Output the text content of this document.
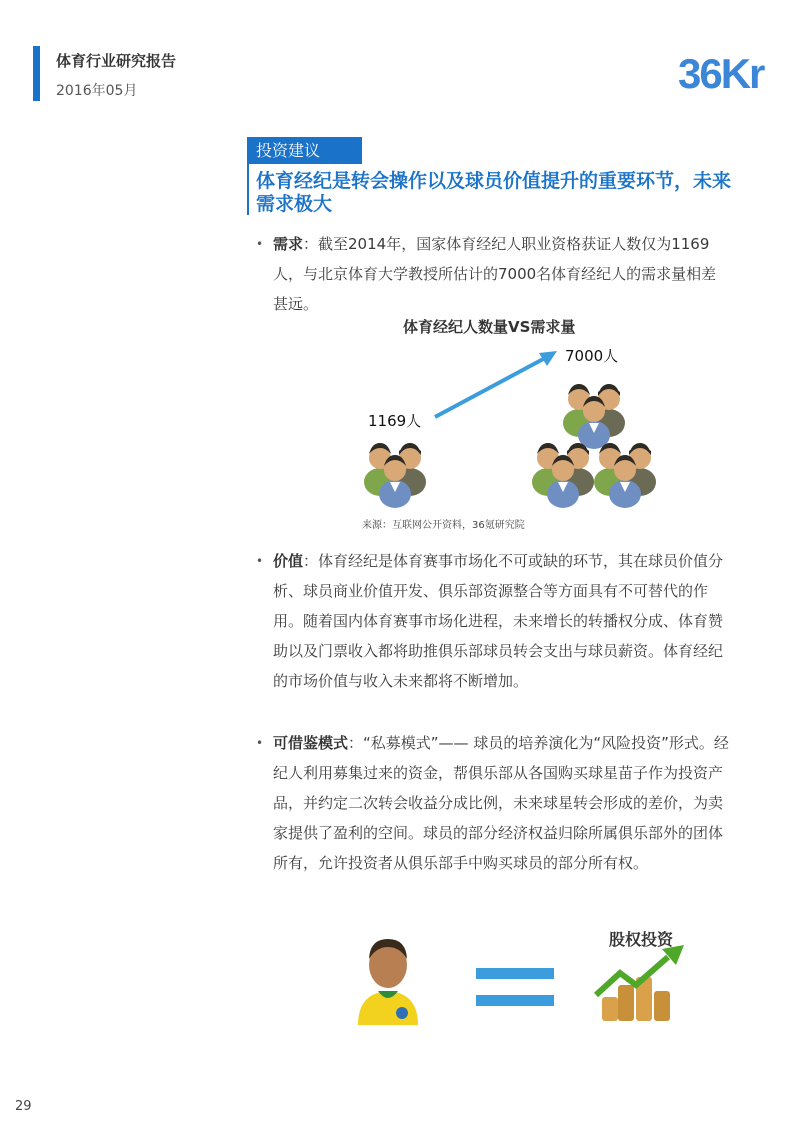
体育行业研究报告
2016年05月	36Kr
投资建议
体育经纪是转会操作以及球员价值提升的重要环节，未来需求极大
• 需求：截至2014年，国家体育经纪人职业资格获证人数仅为1169人，与北京体育大学教授所估计的7000名体育经纪人的需求量相差甚远。
体育经纪人数量VS需求量
1169人
7000人
来源：互联网公开资料，36氪研究院
• 价值：体育经纪是体育赛事市场化不可或缺的环节，其在球员价值分析、球员商业价值开发、俱乐部资源整合等方面具有不可替代的作用。随着国内体育赛事市场化进程，未来增长的转播权分成、体育赞助以及门票收入都将助推俱乐部球员转会支出与球员薪资。体育经纪的市场价值与收入未来都将不断增加。
• 可借鉴模式：“私募模式”—— 球员的培养演化为“风险投资”形式。经纪人利用募集过来的资金，帮俱乐部从各国购买球星苗子作为投资产品，并约定二次转会收益分成比例，未来球星转会形成的差价，为卖家提供了盈利的空间。球员的部分经济权益归除所属俱乐部外的团体所有，允许投资者从俱乐部手中购买球员的部分所有权。
股权投资
29
